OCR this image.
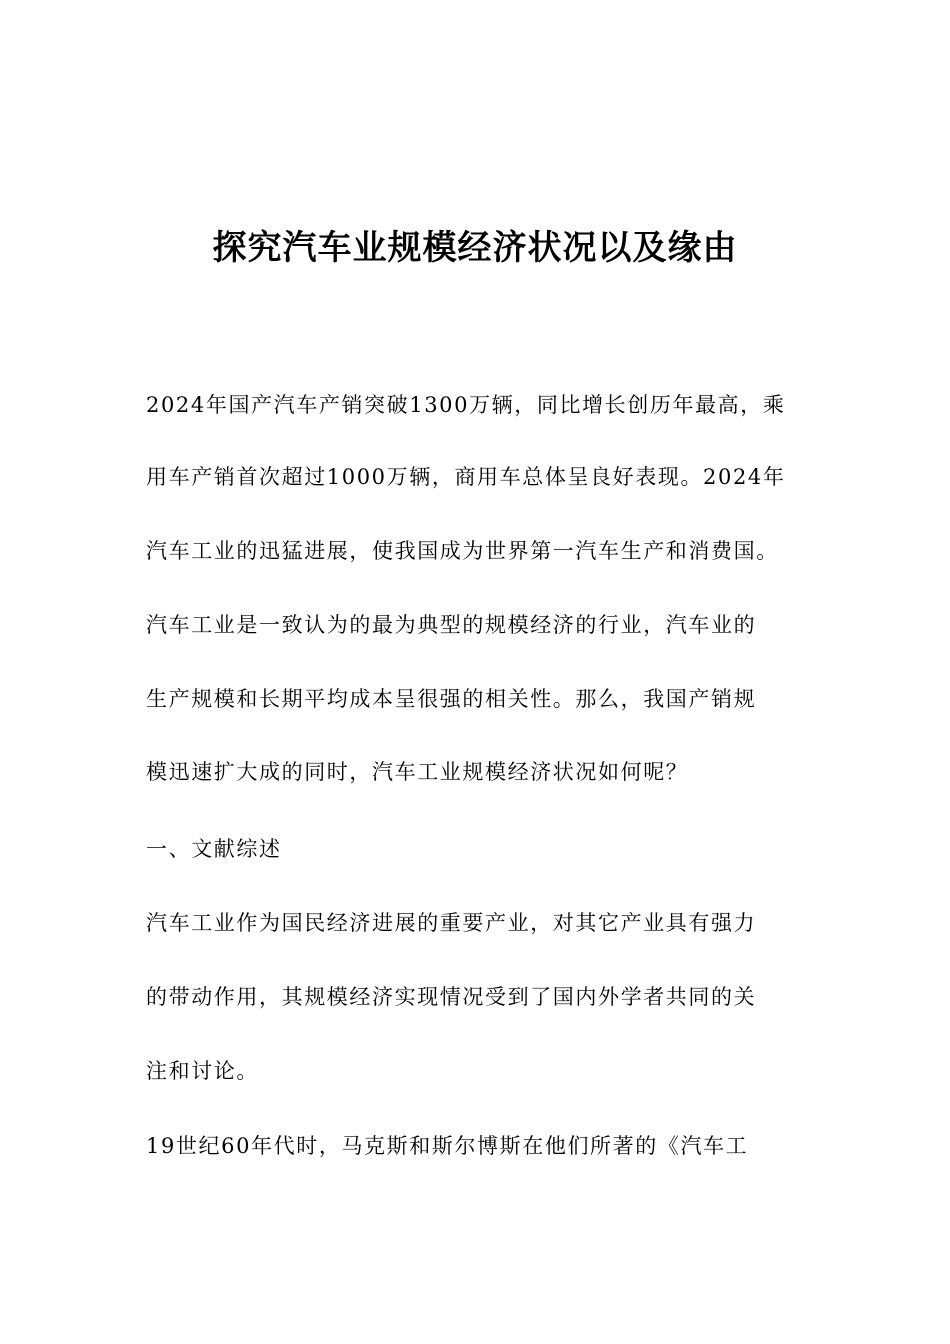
探究汽车业规模经济状况以及缘由
2024年国产汽车产销突破1300万辆，同比增长创历年最高，乘
用车产销首次超过1000万辆，商用车总体呈良好表现。2024年
汽车工业的迅猛进展，使我国成为世界第一汽车生产和消费国。
汽车工业是一致认为的最为典型的规模经济的行业，汽车业的
生产规模和长期平均成本呈很强的相关性。那么，我国产销规
模迅速扩大成的同时，汽车工业规模经济状况如何呢？
一、文献综述
汽车工业作为国民经济进展的重要产业，对其它产业具有强力
的带动作用，其规模经济实现情况受到了国内外学者共同的关
注和讨论。
19世纪60年代时，马克斯和斯尔博斯在他们所著的《汽车工
